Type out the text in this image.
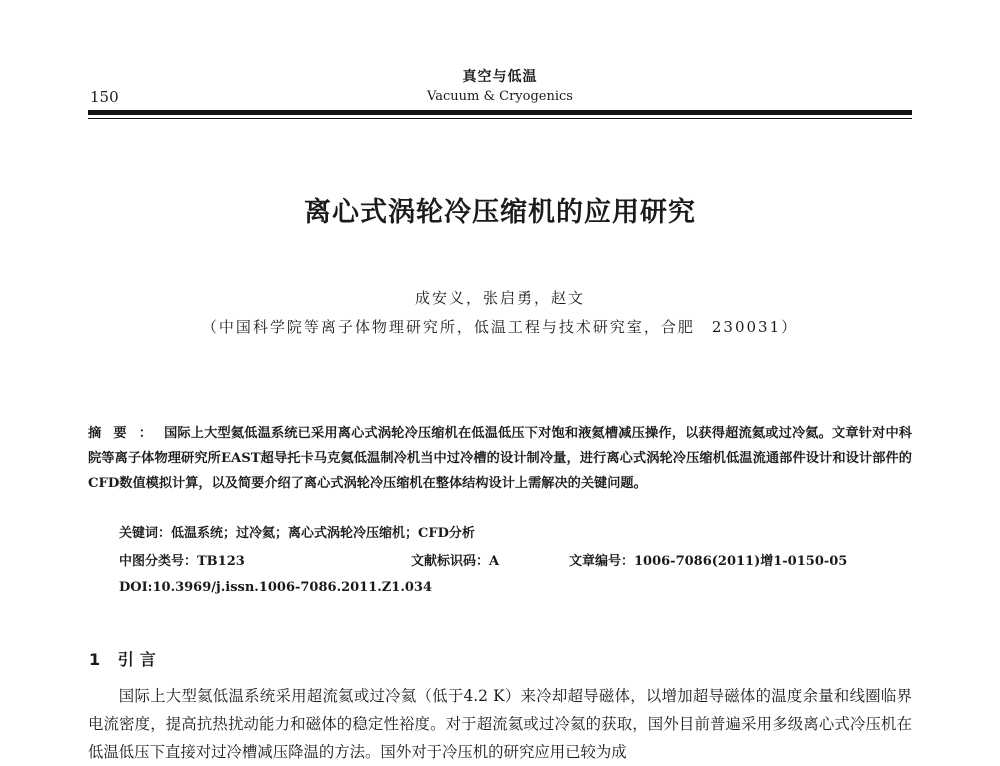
真空与低温
150	Vacuum & Cryogenics
离心式涡轮冷压缩机的应用研究
成安义，张启勇，赵文
（中国科学院等离子体物理研究所，低温工程与技术研究室，合肥　230031）
摘要：国际上大型氦低温系统已采用离心式涡轮冷压缩机在低温低压下对饱和液氦槽减压操作，以获得超流氦或过冷氦。文章针对中科院等离子体物理研究所EAST超导托卡马克氦低温制冷机当中过冷槽的设计制冷量，进行离心式涡轮冷压缩机低温流通部件设计和设计部件的CFD数值模拟计算，以及简要介绍了离心式涡轮冷压缩机在整体结构设计上需解决的关键问题。
关键词：低温系统；过冷氦；离心式涡轮冷压缩机；CFD分析
中图分类号：TB123	文献标识码：A	文章编号：1006-7086(2011)增1-0150-05
DOI:10.3969/j.issn.1006-7086.2011.Z1.034
1 引言
国际上大型氦低温系统采用超流氦或过冷氦（低于4.2 K）来冷却超导磁体，以增加超导磁体的温度余量和线圈临界电流密度，提高抗热扰动能力和磁体的稳定性裕度。对于超流氦或过冷氦的获取，国外目前普遍采用多级离心式冷压机在低温低压下直接对过冷槽减压降温的方法。国外对于冷压机的研究应用已较为成
